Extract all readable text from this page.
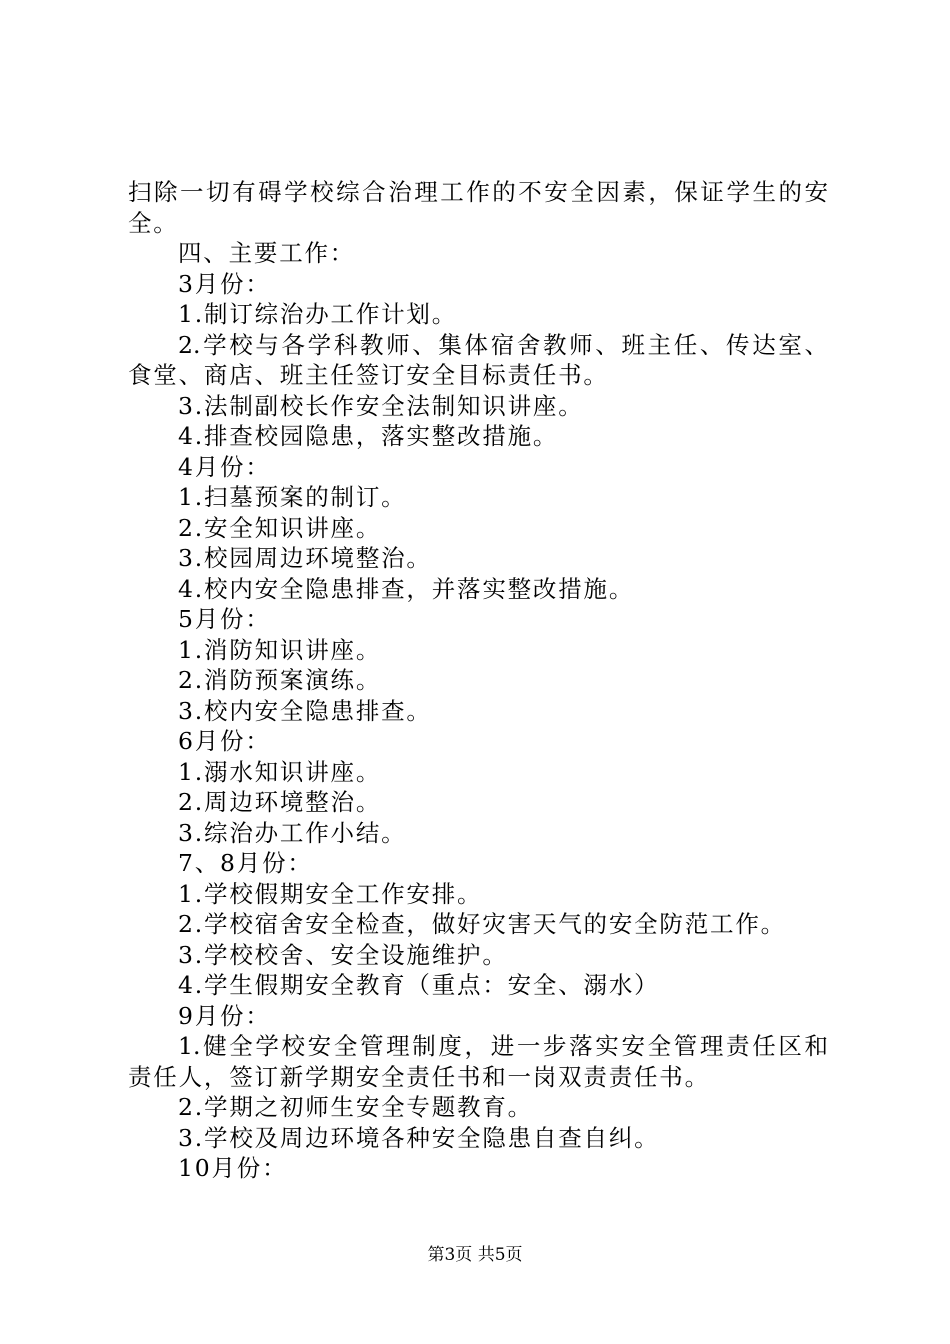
扫除一切有碍学校综合治理工作的不安全因素，保证学生的安
全。
四、主要工作：
3月份：
1.制订综治办工作计划。
2.学校与各学科教师、集体宿舍教师、班主任、传达室、
食堂、商店、班主任签订安全目标责任书。
3.法制副校长作安全法制知识讲座。
4.排查校园隐患，落实整改措施。
4月份：
1.扫墓预案的制订。
2.安全知识讲座。
3.校园周边环境整治。
4.校内安全隐患排查，并落实整改措施。
5月份：
1.消防知识讲座。
2.消防预案演练。
3.校内安全隐患排查。
6月份：
1.溺水知识讲座。
2.周边环境整治。
3.综治办工作小结。
7、8月份：
1.学校假期安全工作安排。
2.学校宿舍安全检查，做好灾害天气的安全防范工作。
3.学校校舍、安全设施维护。
4.学生假期安全教育（重点：安全、溺水）
9月份：
1.健全学校安全管理制度，进一步落实安全管理责任区和
责任人，签订新学期安全责任书和一岗双责责任书。
2.学期之初师生安全专题教育。
3.学校及周边环境各种安全隐患自查自纠。
10月份：
第3页 共5页
